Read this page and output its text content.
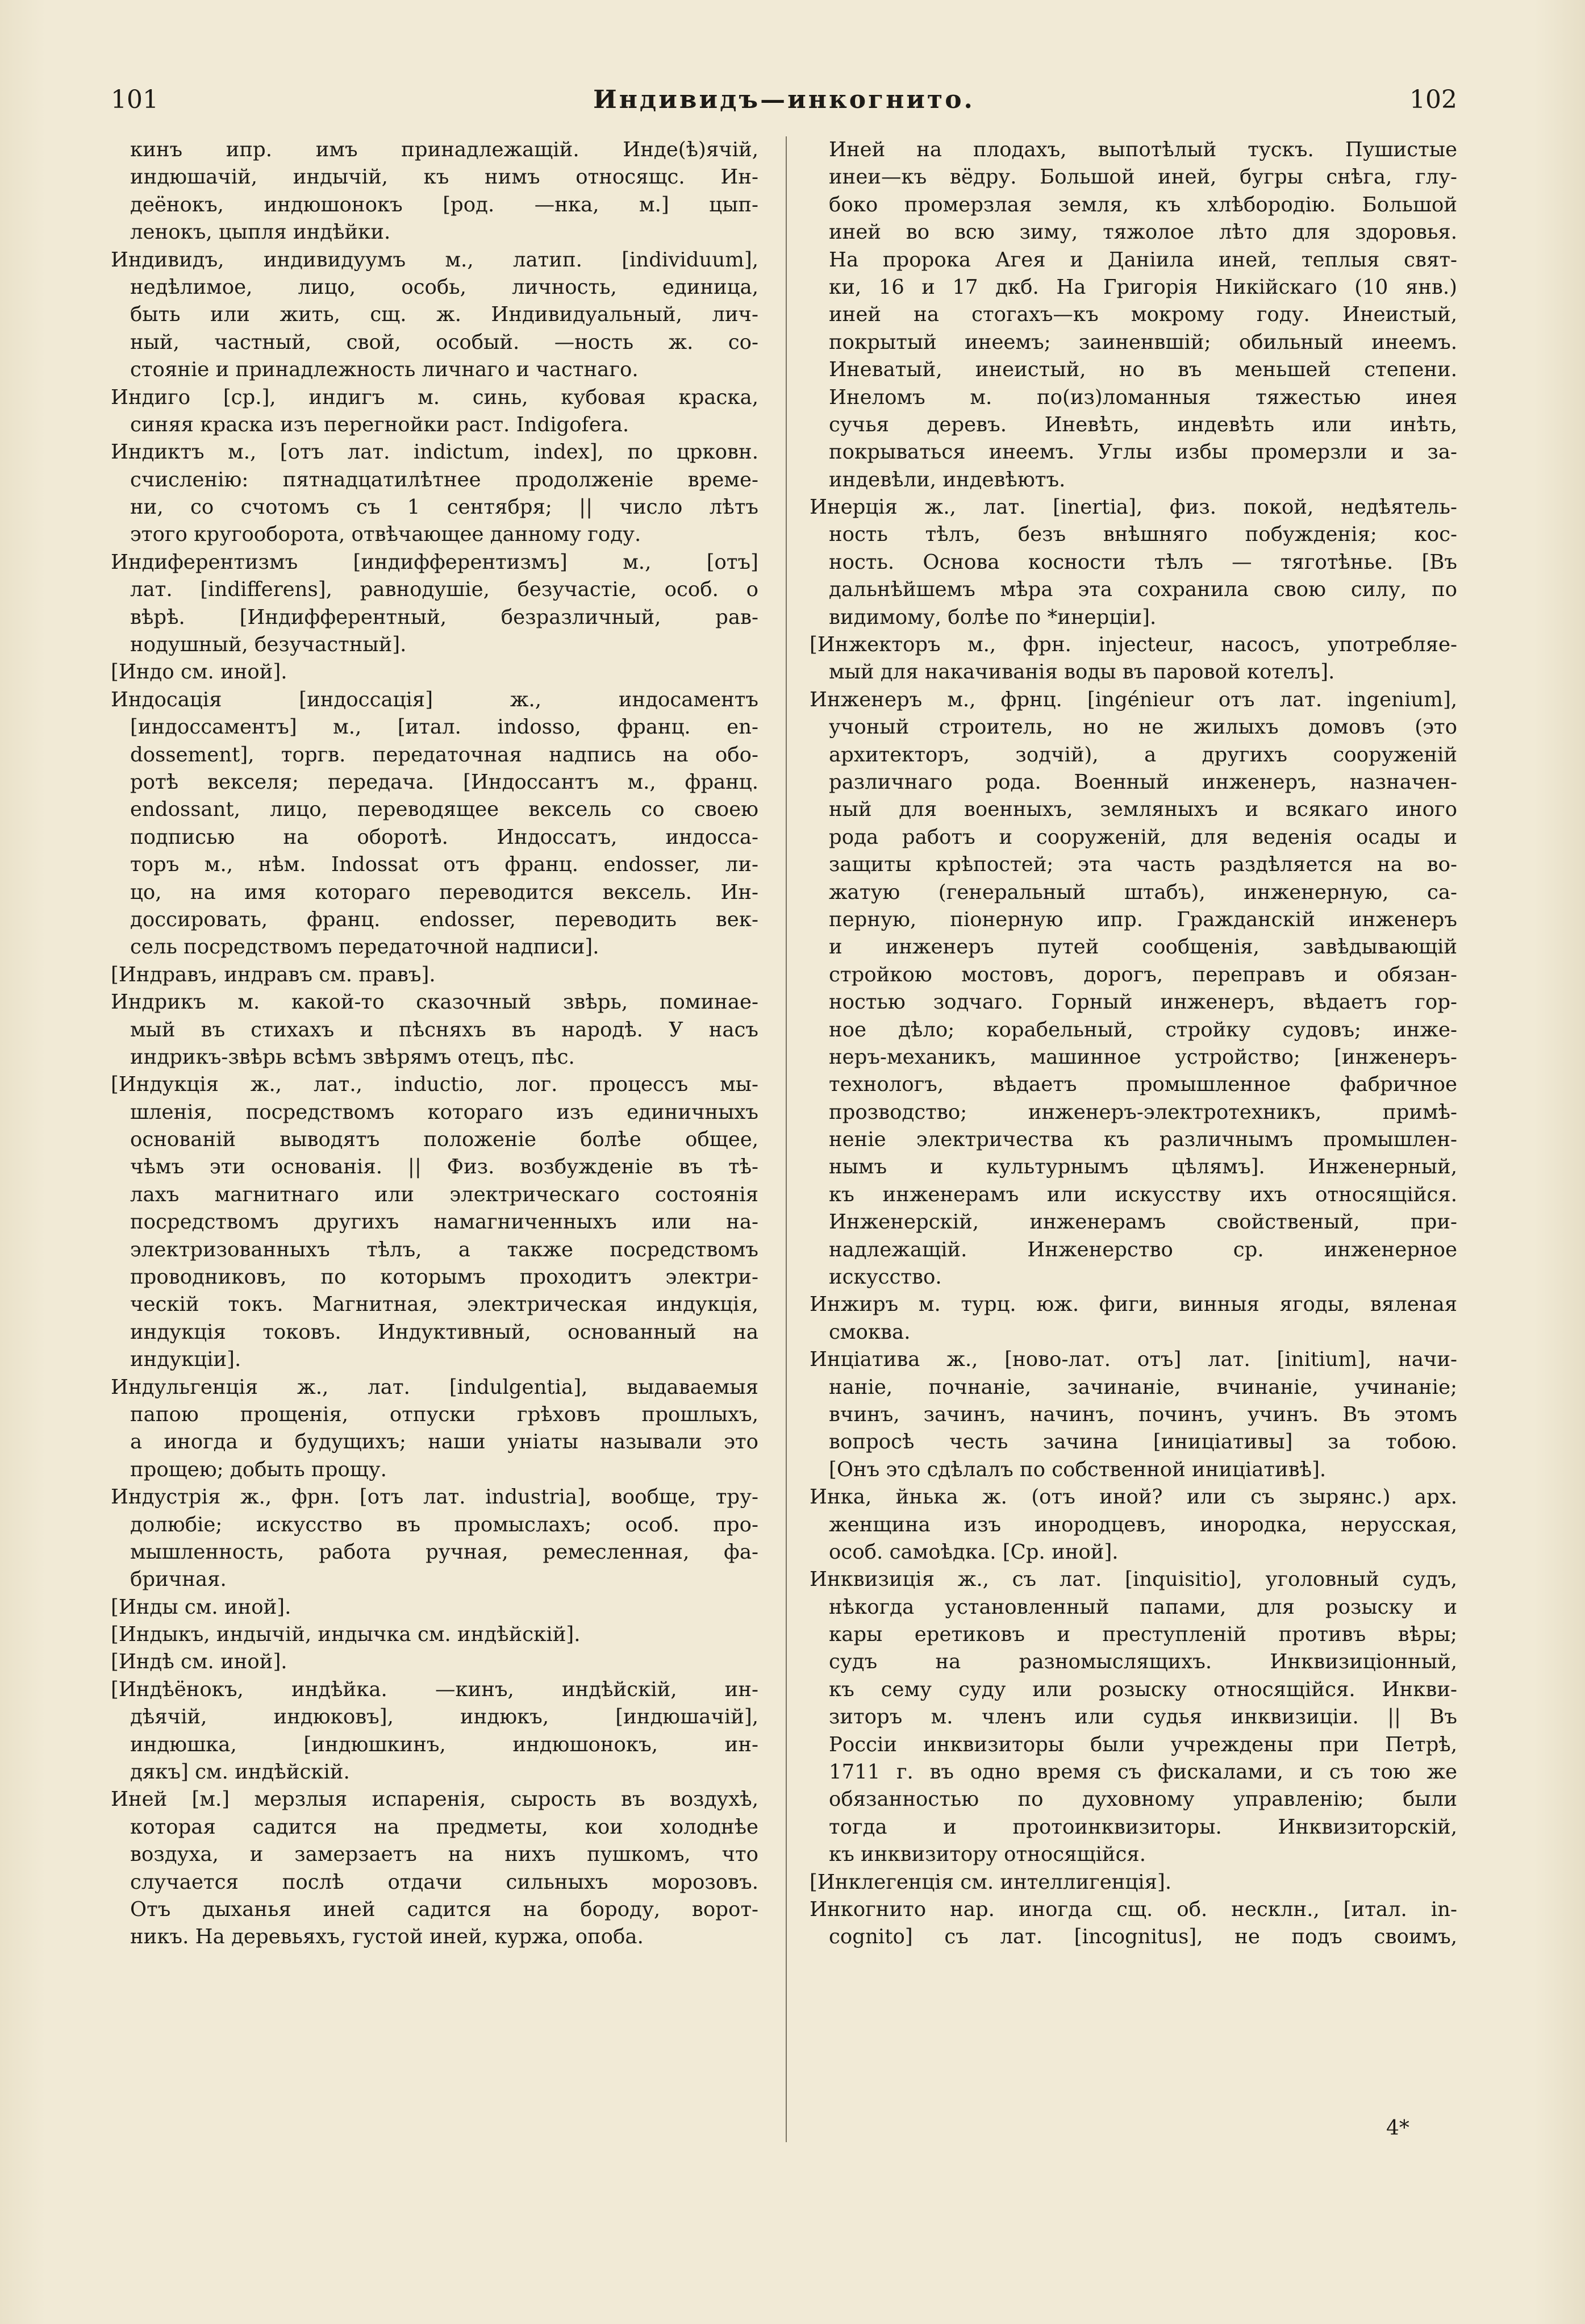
101	Индивидъ—инкогнито.	102
кинъ ипр. имъ принадлежащій. Инде(ѣ)ячій,
индюшачій, индычій, къ нимъ относящс. Ин-
деёнокъ, индюшонокъ [род. —нка, м.] цып-
ленокъ, цыпля индѣйки.
Индивидъ, индивидуумъ м., латип. [individuum],
недѣлимое, лицо, особь, личность, единица,
быть или жить, сщ. ж. Индивидуальный, лич-
ный, частный, свой, особый. —ность ж. со-
стояніе и принадлежность личнаго и частнаго.
Индиго [ср.], индигъ м. синь, кубовая краска,
синяя краска изъ перегнойки раст. Indigofera.
Индиктъ м., [отъ лат. indictum, index], по црковн.
счисленію: пятнадцатилѣтнее продолженіе време-
ни, со счотомъ съ 1 сентября; || число лѣтъ
этого кругооборота, отвѣчающее данному году.
Индиферентизмъ [индифферентизмъ] м., [отъ]
лат. [indifferens], равнодушіе, безучастіе, особ. о
вѣрѣ. [Индифферентный, безразличный, рав-
нодушный, безучастный].
[Индо см. иной].
Индосація [индоссація] ж., индосаментъ
[индоссаментъ] м., [итал. indosso, франц. en-
dossement], торгв. передаточная надпись на обо-
ротѣ векселя; передача. [Индоссантъ м., франц.
endossant, лицо, переводящее вексель со своею
подписью на оборотѣ. Индоссатъ, индосса-
торъ м., нѣм. Indossat отъ франц. endosser, ли-
цо, на имя котораго переводится вексель. Ин-
доссировать, франц. endosser, переводить век-
сель посредствомъ передаточной надписи].
[Индравъ, индравъ см. правъ].
Индрикъ м. какой-то сказочный звѣрь, поминае-
мый въ стихахъ и пѣсняхъ въ народѣ. У насъ
индрикъ-звѣрь всѣмъ звѣрямъ отецъ, пѣс.
[Индукція ж., лат., inductio, лог. процессъ мы-
шленія, посредствомъ котораго изъ единичныхъ
основаній выводятъ положеніе болѣе общее,
чѣмъ эти основанія. || Физ. возбужденіе въ тѣ-
лахъ магнитнаго или электрическаго состоянія
посредствомъ другихъ намагниченныхъ или на-
электризованныхъ тѣлъ, а также посредствомъ
проводниковъ, по которымъ проходитъ электри-
ческій токъ. Магнитная, электрическая индукція,
индукція токовъ. Индуктивный, основанный на
индукціи].
Индульгенція ж., лат. [indulgentia], выдаваемыя
папою прощенія, отпуски грѣховъ прошлыхъ,
а иногда и будущихъ; наши уніаты называли это
прощею; добыть прощу.
Индустрія ж., фрн. [отъ лат. industria], вообще, тру-
долюбіе; искусство въ промыслахъ; особ. про-
мышленность, работа ручная, ремесленная, фа-
бричная.
[Инды см. иной].
[Индыкъ, индычій, индычка см. индѣйскій].
[Индѣ см. иной].
[Индѣёнокъ, индѣйка. —кинъ, индѣйскій, ин-
дѣячій, индюковъ], индюкъ, [индюшачій],
индюшка, [индюшкинъ, индюшонокъ, ин-
дякъ] см. индѣйскій.
Иней [м.] мерзлыя испаренія, сырость въ воздухѣ,
которая садится на предметы, кои холоднѣе
воздуха, и замерзаетъ на нихъ пушкомъ, что
случается послѣ отдачи сильныхъ морозовъ.
Отъ дыханья иней садится на бороду, ворот-
никъ. На деревьяхъ, густой иней, куржа, опоба.
Иней на плодахъ, выпотѣлый тускъ. Пушистые
инеи—къ вёдру. Большой иней, бугры снѣга, глу-
боко промерзлая земля, къ хлѣбородію. Большой
иней во всю зиму, тяжолое лѣто для здоровья.
На пророка Агея и Даніила иней, теплыя свят-
ки, 16 и 17 дкб. На Григорія Никійскаго (10 янв.)
иней на стогахъ—къ мокрому году. Инеистый,
покрытый инеемъ; заиненвшій; обильный инеемъ.
Иневатый, инеистый, но въ меньшей степени.
Инеломъ м. по(из)ломанныя тяжестью инея
сучья деревъ. Иневѣть, индевѣть или инѣть,
покрываться инеемъ. Углы избы промерзли и за-
индевѣли, индевѣютъ.
Инерція ж., лат. [inertia], физ. покой, недѣятель-
ность тѣлъ, безъ внѣшняго побужденія; кос-
ность. Основа косности тѣлъ — тяготѣнье. [Въ
дальнѣйшемъ мѣра эта сохранила свою силу, по
видимому, болѣе по *инерціи].
[Инжекторъ м., фрн. injecteur, насосъ, употребляе-
мый для накачиванія воды въ паровой котелъ].
Инженеръ м., фрнц. [ingénieur отъ лат. ingenium],
учоный строитель, но не жилыхъ домовъ (это
архитекторъ, зодчій), а другихъ сооруженій
различнаго рода. Военный инженеръ, назначен-
ный для военныхъ, земляныхъ и всякаго иного
рода работъ и сооруженій, для веденія осады и
защиты крѣпостей; эта часть раздѣляется на во-
жатую (генеральный штабъ), инженерную, са-
перную, піонерную ипр. Гражданскій инженеръ
и инженеръ путей сообщенія, завѣдывающій
стройкою мостовъ, дорогъ, переправъ и обязан-
ностью зодчаго. Горный инженеръ, вѣдаетъ гор-
ное дѣло; корабельный, стройку судовъ; инже-
неръ-механикъ, машинное устройство; [инженеръ-
технологъ, вѣдаетъ промышленное фабричное
прозводство; инженеръ-электротехникъ, примѣ-
неніе электричества къ различнымъ промышлен-
нымъ и культурнымъ цѣлямъ]. Инженерный,
къ инженерамъ или искусству ихъ относящійся.
Инженерскій, инженерамъ свойственый, при-
надлежащій. Инженерство ср. инженерное
искусство.
Инжиръ м. турц. юж. фиги, винныя ягоды, вяленая
смоква.
Инціатива ж., [ново-лат. отъ] лат. [initium], начи-
наніе, почнаніе, зачинаніе, вчинаніе, учинаніе;
вчинъ, зачинъ, начинъ, починъ, учинъ. Въ этомъ
вопросѣ честь зачина [иниціативы] за тобою.
[Онъ это сдѣлалъ по собственной иниціативѣ].
Инка, йнька ж. (отъ иной? или съ зырянс.) арх.
женщина изъ инородцевъ, инородка, нерусская,
особ. самоѣдка. [Ср. иной].
Инквизиція ж., съ лат. [inquisitio], уголовный судъ,
нѣкогда установленный папами, для розыску и
кары еретиковъ и преступленій противъ вѣры;
судъ на разномыслящихъ. Инквизиціонный,
къ сему суду или розыску относящійся. Инкви-
зиторъ м. членъ или судья инквизиціи. || Въ
Россіи инквизиторы были учреждены при Петрѣ,
1711 г. въ одно время съ фискалами, и съ тою же
обязанностью по духовному управленію; были
тогда и протоинквизиторы. Инквизиторскій,
къ инквизитору относящійся.
[Инклегенція см. интеллигенція].
Инкогнито нар. иногда сщ. об. несклн., [итал. in-
cognito] съ лат. [incognitus], не подъ своимъ,
4*
